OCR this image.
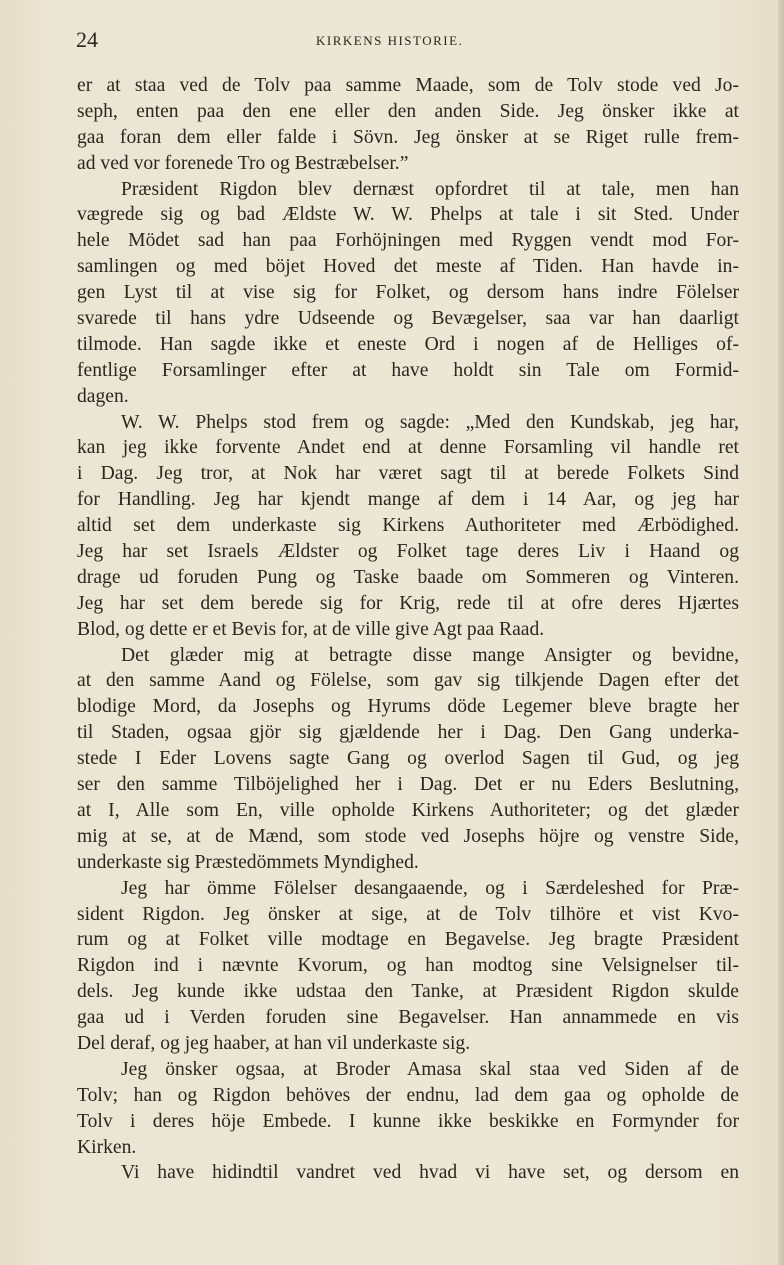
24	KIRKENS HISTORIE.
er at staa ved de Tolv paa samme Maade, som de Tolv stode ved Jo-
seph, enten paa den ene eller den anden Side. Jeg önsker ikke at
gaa foran dem eller falde i Sövn. Jeg önsker at se Riget rulle frem-
ad ved vor forenede Tro og Bestræbelser.”
Præsident Rigdon blev dernæst opfordret til at tale, men han
vægrede sig og bad Ældste W. W. Phelps at tale i sit Sted. Under
hele Mödet sad han paa Forhöjningen med Ryggen vendt mod For-
samlingen og med böjet Hoved det meste af Tiden. Han havde in-
gen Lyst til at vise sig for Folket, og dersom hans indre Fölelser
svarede til hans ydre Udseende og Bevægelser, saa var han daarligt
tilmode. Han sagde ikke et eneste Ord i nogen af de Helliges of-
fentlige Forsamlinger efter at have holdt sin Tale om Formid-
dagen.
W. W. Phelps stod frem og sagde: „Med den Kundskab, jeg har,
kan jeg ikke forvente Andet end at denne Forsamling vil handle ret
i Dag. Jeg tror, at Nok har været sagt til at berede Folkets Sind
for Handling. Jeg har kjendt mange af dem i 14 Aar, og jeg har
altid set dem underkaste sig Kirkens Authoriteter med Ærbödighed.
Jeg har set Israels Ældster og Folket tage deres Liv i Haand og
drage ud foruden Pung og Taske baade om Sommeren og Vinteren.
Jeg har set dem berede sig for Krig, rede til at ofre deres Hjærtes
Blod, og dette er et Bevis for, at de ville give Agt paa Raad.
Det glæder mig at betragte disse mange Ansigter og bevidne,
at den samme Aand og Fölelse, som gav sig tilkjende Dagen efter det
blodige Mord, da Josephs og Hyrums döde Legemer bleve bragte her
til Staden, ogsaa gjör sig gjældende her i Dag. Den Gang underka-
stede I Eder Lovens sagte Gang og overlod Sagen til Gud, og jeg
ser den samme Tilböjelighed her i Dag. Det er nu Eders Beslutning,
at I, Alle som En, ville opholde Kirkens Authoriteter; og det glæder
mig at se, at de Mænd, som stode ved Josephs höjre og venstre Side,
underkaste sig Præstedömmets Myndighed.
Jeg har ömme Fölelser desangaaende, og i Særdeleshed for Præ-
sident Rigdon. Jeg önsker at sige, at de Tolv tilhöre et vist Kvo-
rum og at Folket ville modtage en Begavelse. Jeg bragte Præsident
Rigdon ind i nævnte Kvorum, og han modtog sine Velsignelser til-
dels. Jeg kunde ikke udstaa den Tanke, at Præsident Rigdon skulde
gaa ud i Verden foruden sine Begavelser. Han annammede en vis
Del deraf, og jeg haaber, at han vil underkaste sig.
Jeg önsker ogsaa, at Broder Amasa skal staa ved Siden af de
Tolv; han og Rigdon behöves der endnu, lad dem gaa og opholde de
Tolv i deres höje Embede. I kunne ikke beskikke en Formynder for
Kirken.
Vi have hidindtil vandret ved hvad vi have set, og dersom en
